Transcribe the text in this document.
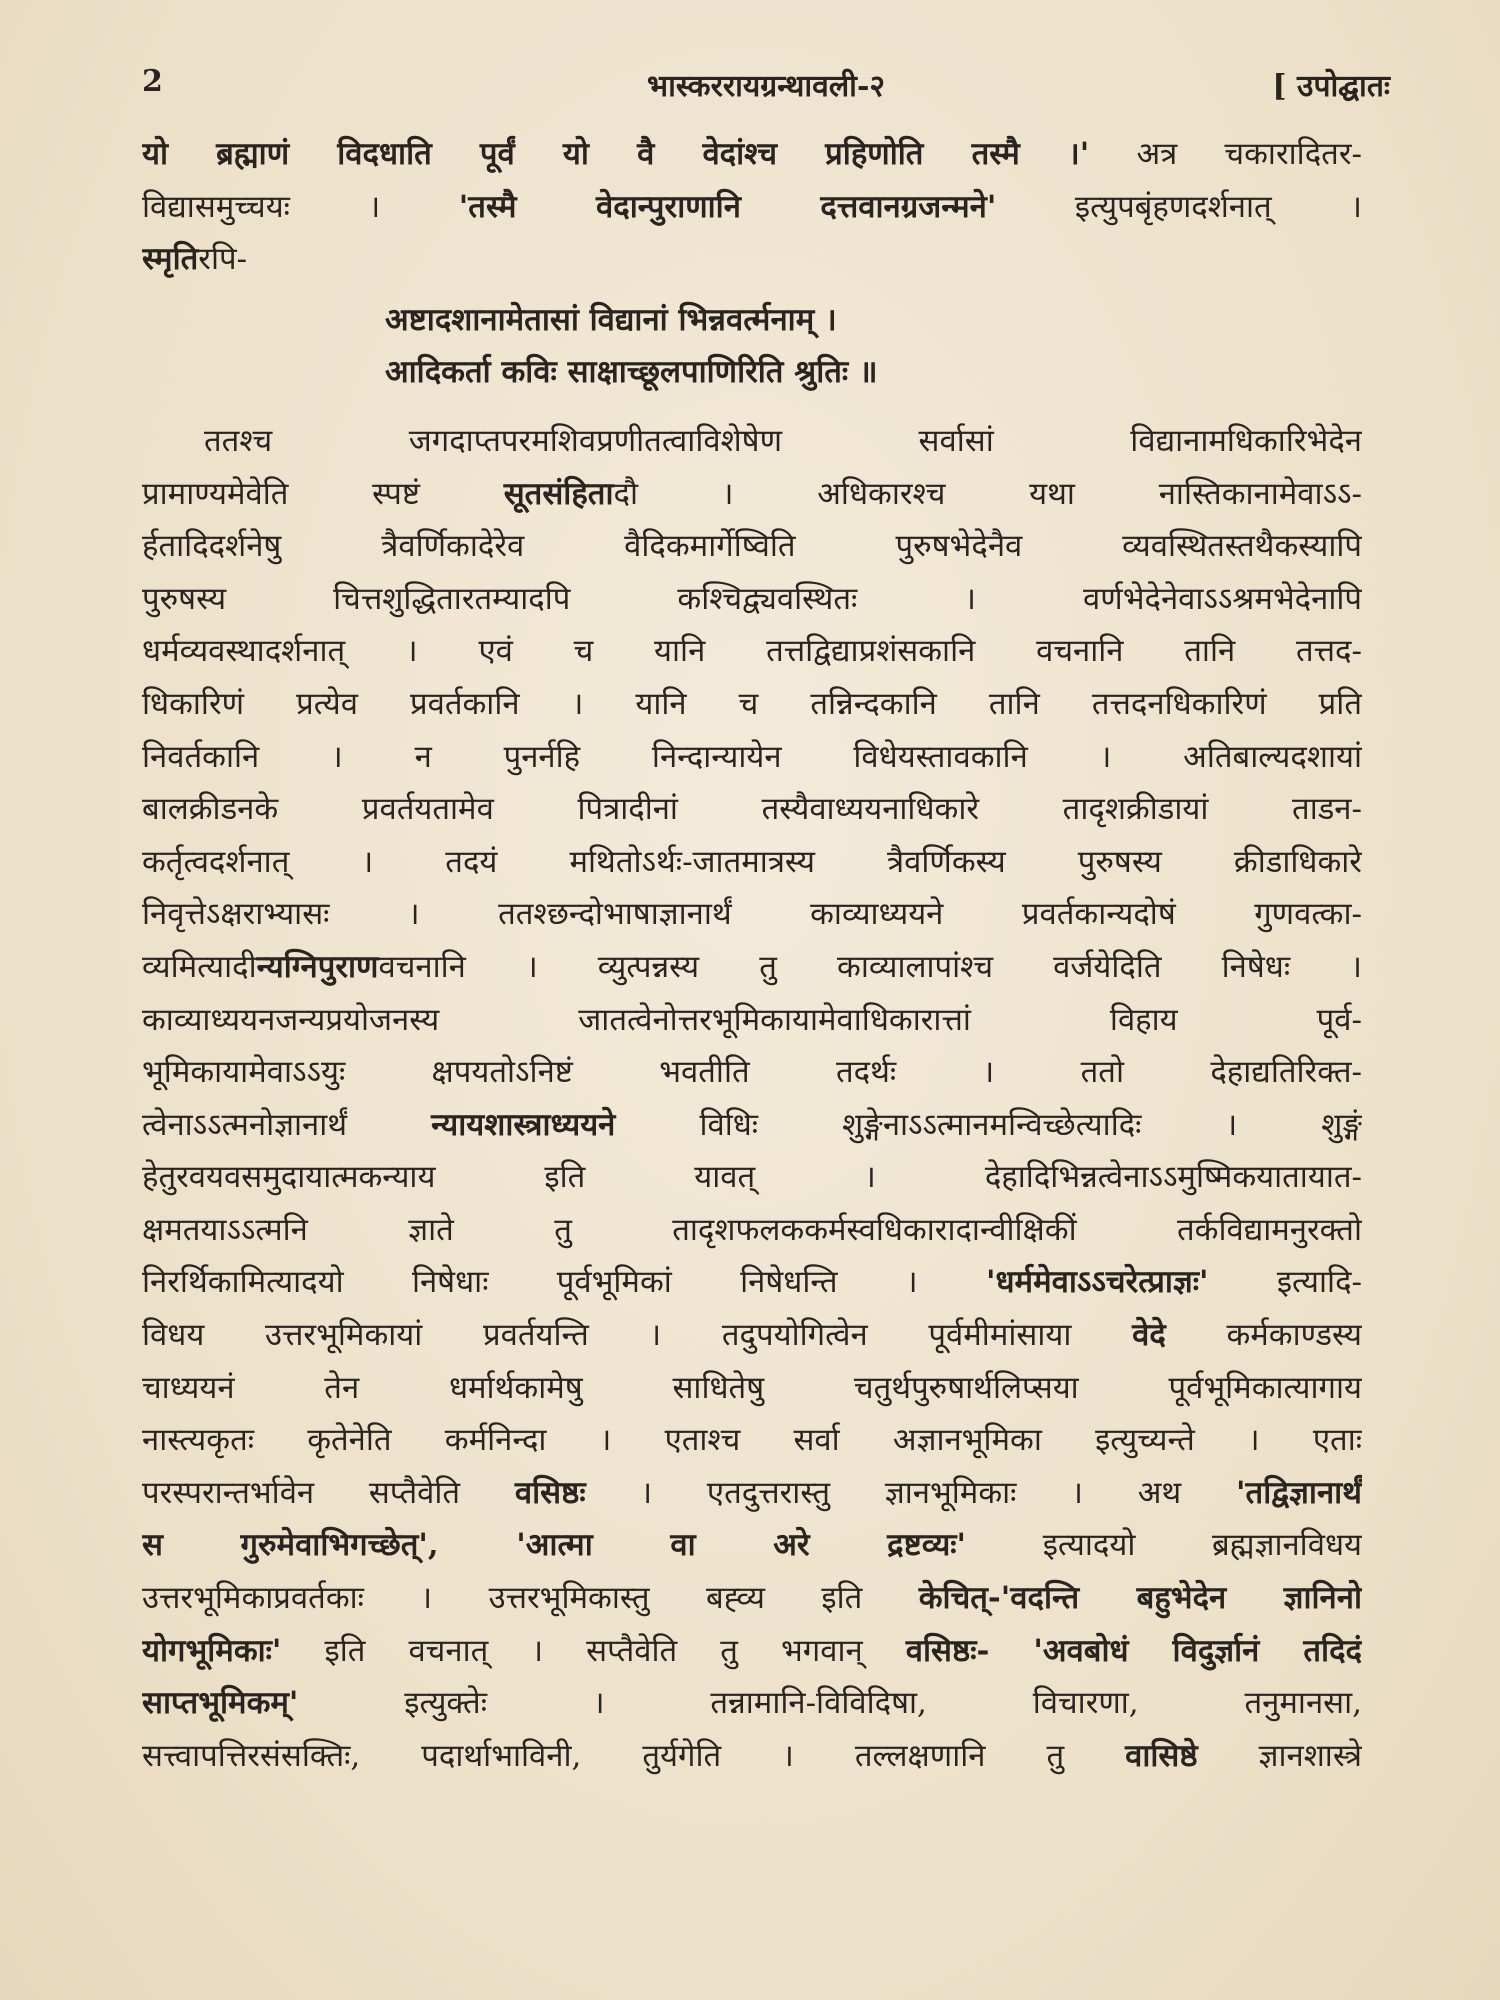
2	भास्कररायग्रन्थावली-२	[ उपोद्घातः
यो ब्रह्माणं विदधाति पूर्वं यो वै वेदांश्च प्रहिणोति तस्मै ।' अत्र चकारादितर-
विद्यासमुच्चयः । 'तस्मै वेदान्पुराणानि दत्तवानग्रजन्मने' इत्युपबृंहणदर्शनात् ।
स्मृतिरपि-
अष्टादशानामेतासां विद्यानां भिन्नवर्त्मनाम् ।
आदिकर्ता कविः साक्षाच्छूलपाणिरिति श्रुतिः ॥
ततश्च जगदाप्तपरमशिवप्रणीतत्वाविशेषेण सर्वासां विद्यानामधिकारिभेदेन
प्रामाण्यमेवेति स्पष्टं सूतसंहितादौ । अधिकारश्च यथा नास्तिकानामेवाऽऽ-
र्हतादिदर्शनेषु त्रैवर्णिकादेरेव वैदिकमार्गेष्विति पुरुषभेदेनैव व्यवस्थितस्तथैकस्यापि
पुरुषस्य चित्तशुद्धितारतम्यादपि कश्चिद्व्यवस्थितः । वर्णभेदेनेवाऽऽश्रमभेदेनापि
धर्मव्यवस्थादर्शनात् । एवं च यानि तत्तद्विद्याप्रशंसकानि वचनानि तानि तत्तद-
धिकारिणं प्रत्येव प्रवर्तकानि । यानि च तन्निन्दकानि तानि तत्तदनधिकारिणं प्रति
निवर्तकानि । न पुनर्नहि निन्दान्यायेन विधेयस्तावकानि । अतिबाल्यदशायां
बालक्रीडनके प्रवर्तयतामेव पित्रादीनां तस्यैवाध्ययनाधिकारे तादृशक्रीडायां ताडन-
कर्तृत्वदर्शनात् । तदयं मथितोऽर्थः-जातमात्रस्य त्रैवर्णिकस्य पुरुषस्य क्रीडाधिकारे
निवृत्तेऽक्षराभ्यासः । ततश्छन्दोभाषाज्ञानार्थं काव्याध्ययने प्रवर्तकान्यदोषं गुणवत्का-
व्यमित्यादीन्यग्निपुराणवचनानि । व्युत्पन्नस्य तु काव्यालापांश्च वर्जयेदिति निषेधः ।
काव्याध्ययनजन्यप्रयोजनस्य जातत्वेनोत्तरभूमिकायामेवाधिकारात्तां विहाय पूर्व-
भूमिकायामेवाऽऽयुः क्षपयतोऽनिष्टं भवतीति तदर्थः । ततो देहाद्यतिरिक्त-
त्वेनाऽऽत्मनोज्ञानार्थं न्यायशास्त्राध्ययने विधिः शुङ्गेनाऽऽत्मानमन्विच्छेत्यादिः । शुङ्गं
हेतुरवयवसमुदायात्मकन्याय इति यावत् । देहादिभिन्नत्वेनाऽऽमुष्मिकयातायात-
क्षमतयाऽऽत्मनि ज्ञाते तु तादृशफलककर्मस्वधिकारादान्वीक्षिकीं तर्कविद्यामनुरक्तो
निरर्थिकामित्यादयो निषेधाः पूर्वभूमिकां निषेधन्ति । 'धर्ममेवाऽऽचरेत्प्राज्ञः' इत्यादि-
विधय उत्तरभूमिकायां प्रवर्तयन्ति । तदुपयोगित्वेन पूर्वमीमांसाया वेदे कर्मकाण्डस्य
चाध्ययनं तेन धर्मार्थकामेषु साधितेषु चतुर्थपुरुषार्थलिप्सया पूर्वभूमिकात्यागाय
नास्त्यकृतः कृतेनेति कर्मनिन्दा । एताश्च सर्वा अज्ञानभूमिका इत्युच्यन्ते । एताः
परस्परान्तर्भावेन सप्तैवेति वसिष्ठः । एतदुत्तरास्तु ज्ञानभूमिकाः । अथ 'तद्विज्ञानार्थं
स गुरुमेवाभिगच्छेत्', 'आत्मा वा अरे द्रष्टव्यः' इत्यादयो ब्रह्मज्ञानविधय
उत्तरभूमिकाप्रवर्तकाः । उत्तरभूमिकास्तु बह्व्य इति केचित्-'वदन्ति बहुभेदेन ज्ञानिनो
योगभूमिकाः' इति वचनात् । सप्तैवेति तु भगवान् वसिष्ठः- 'अवबोधं विदुर्ज्ञानं तदिदं
साप्तभूमिकम्' इत्युक्तेः । तन्नामानि-विविदिषा, विचारणा, तनुमानसा,
सत्त्वापत्तिरसंसक्तिः, पदार्थाभाविनी, तुर्यगेति । तल्लक्षणानि तु वासिष्ठे ज्ञानशास्त्रे
